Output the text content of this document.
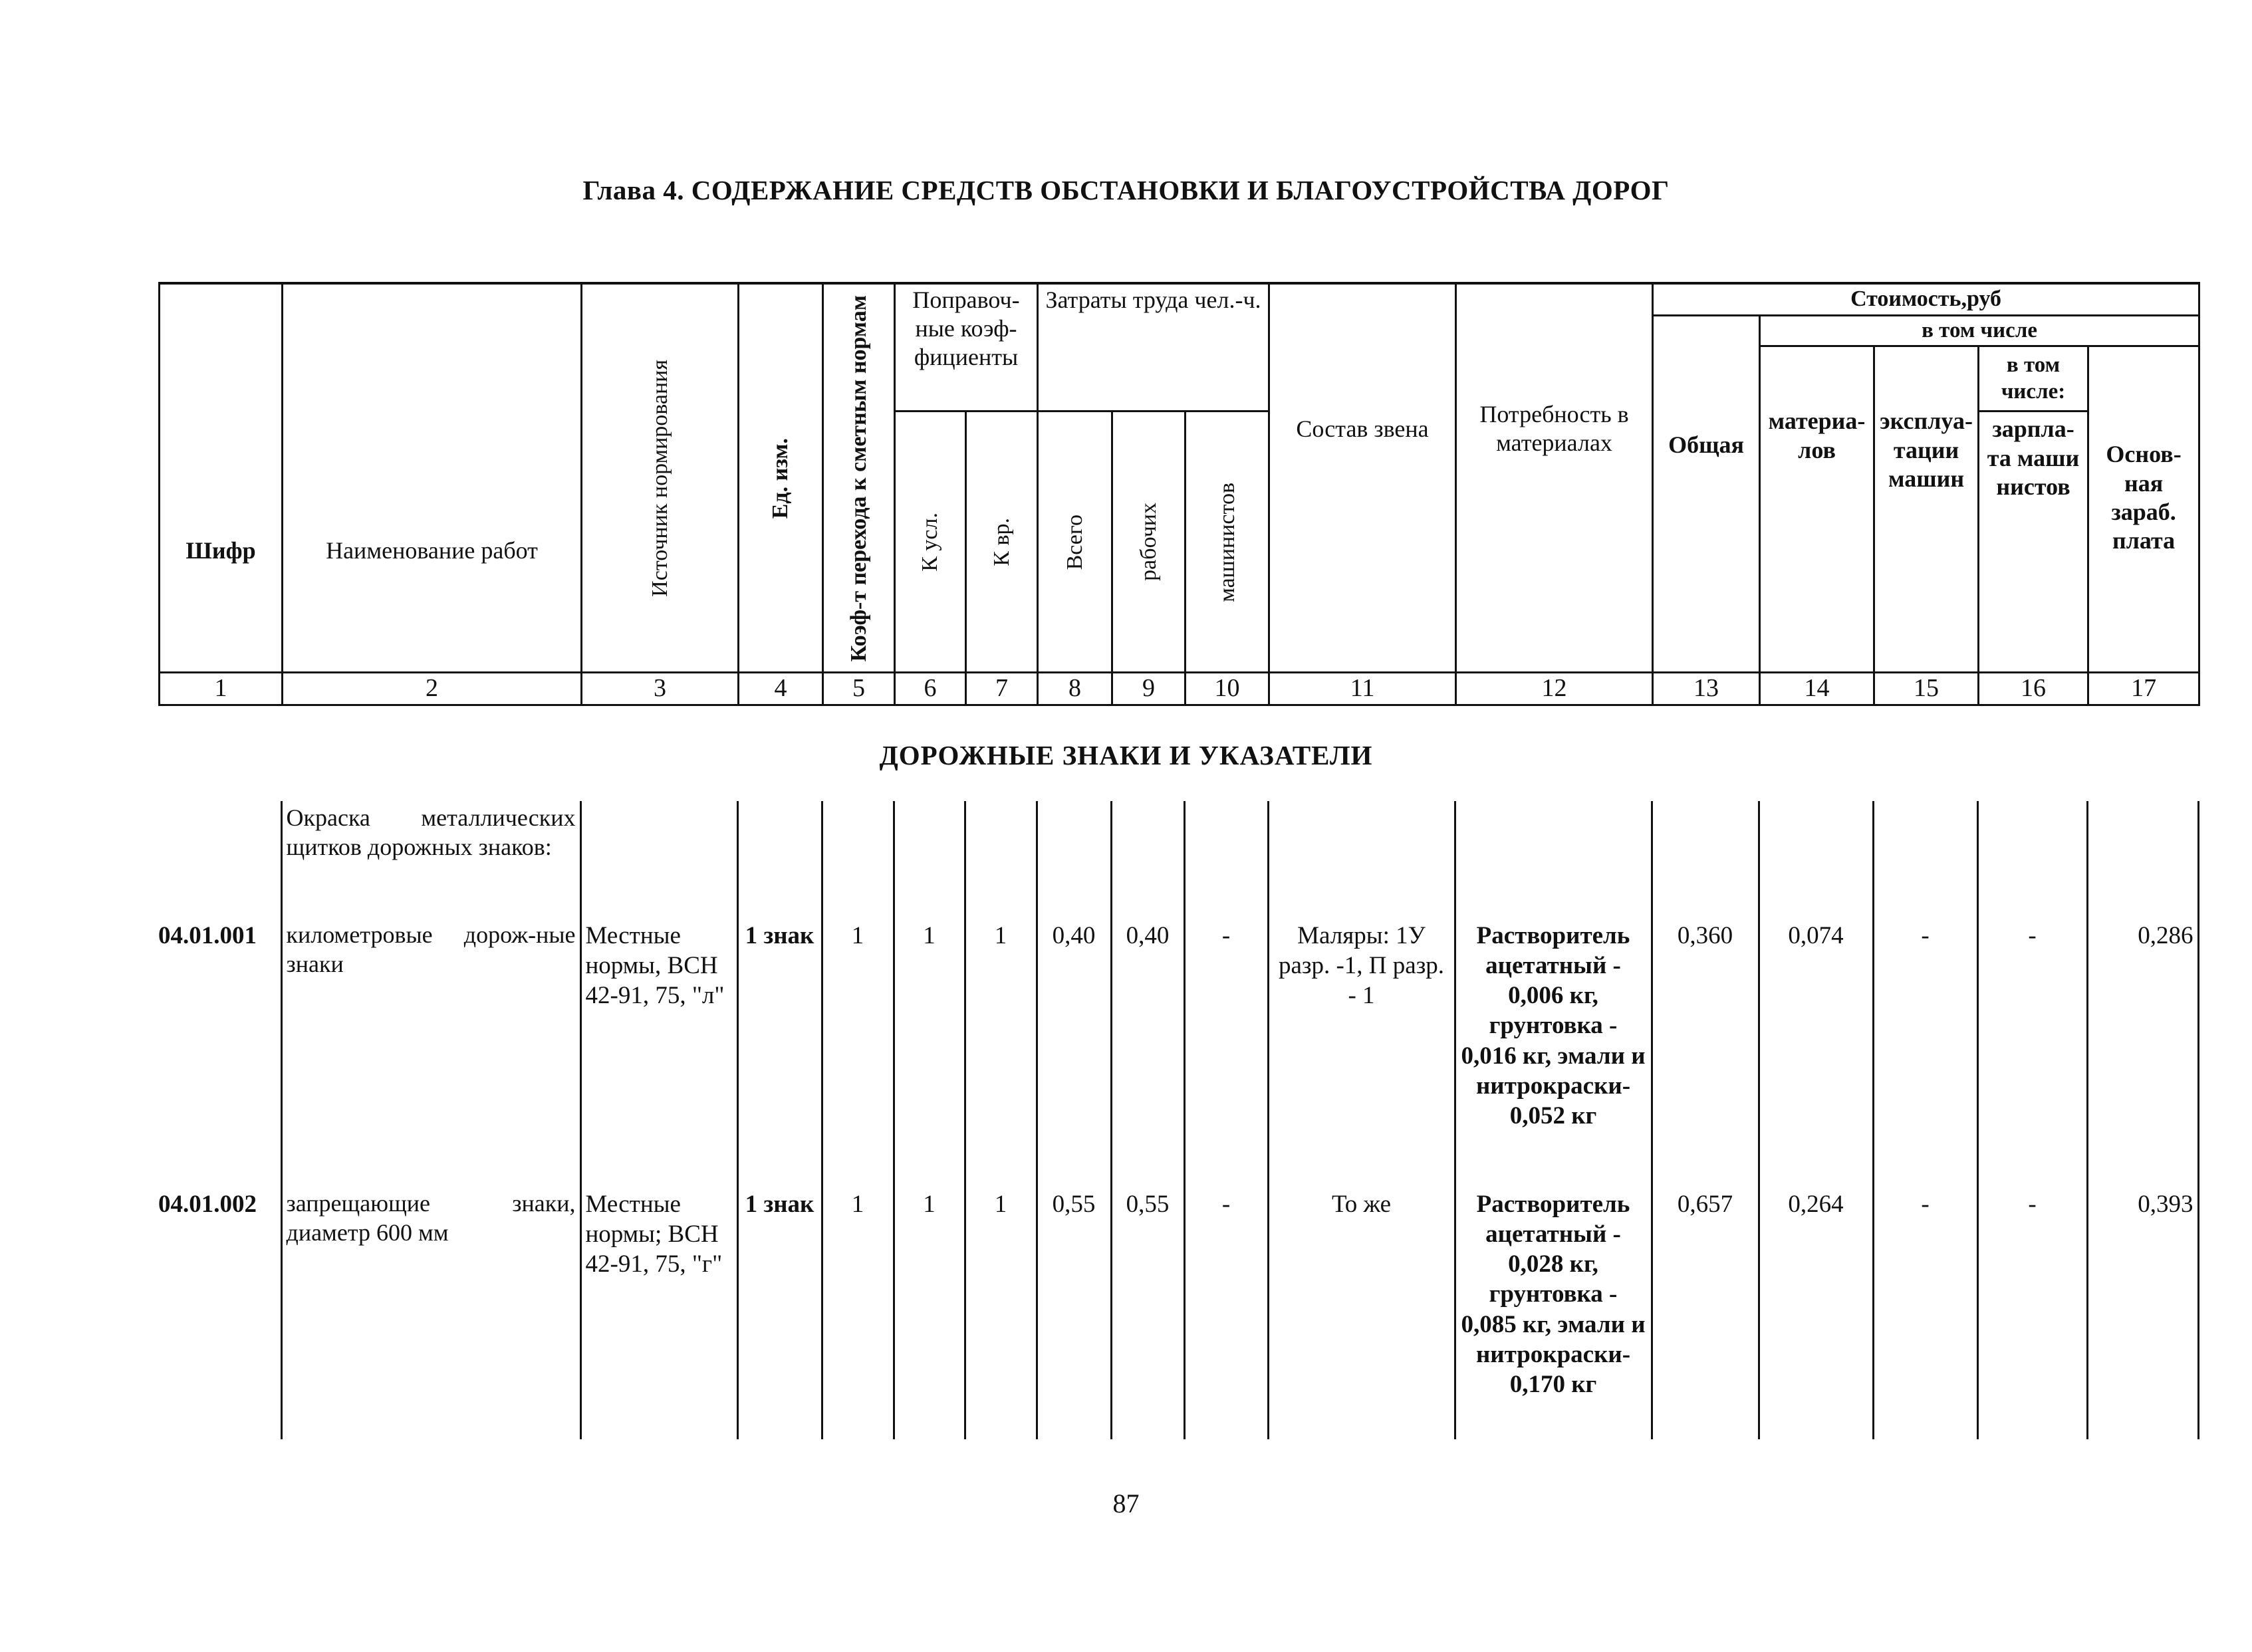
Глава 4. СОДЕРЖАНИЕ СРЕДСТВ ОБСТАНОВКИ И БЛАГОУСТРОЙСТВА ДОРОГ
Шифр	Наименование работ	Источник нормирования	Ед. изм.	Коэф-т перехода к сметным нормам	Поправоч-ные коэф-фициенты		Затраты труда чел.-ч.			Состав звена	Потребность в материалах	Стоимость,руб				
												Общая	в том числе			
													материа-лов	эксплуа-тации машин	в том числе:	Основ-ная зараб. плата

					К усл.	К вр.	Всего	рабочих	машинистов						зарпла-та маши нистов	

1	2	3	4	5	6	7	8	9	10	11	12	13	14	15	16	17
ДОРОЖНЫЕ ЗНАКИ И УКАЗАТЕЛИ
	Окраска металлических щитков дорожных знаков:															
04.01.001	километровые дорож-ные знаки	Местные нормы, ВСН 42-91, 75, "л"	1 знак	1	1	1	0,40	0,40	-	Маляры: 1У разр. -1, П разр. - 1	Растворитель ацетатный - 0,006 кг, грунтовка - 0,016 кг, эмали и нитрокраски- 0,052 кг	0,360	0,074	-	-	0,286
04.01.002	запрещающие знаки, диаметр 600 мм	Местные нормы; ВСН 42-91, 75, "г"	1 знак	1	1	1	0,55	0,55	-	То же	Растворитель ацетатный - 0,028 кг, грунтовка - 0,085 кг, эмали и нитрокраски- 0,170 кг	0,657	0,264	-	-	0,393
87
